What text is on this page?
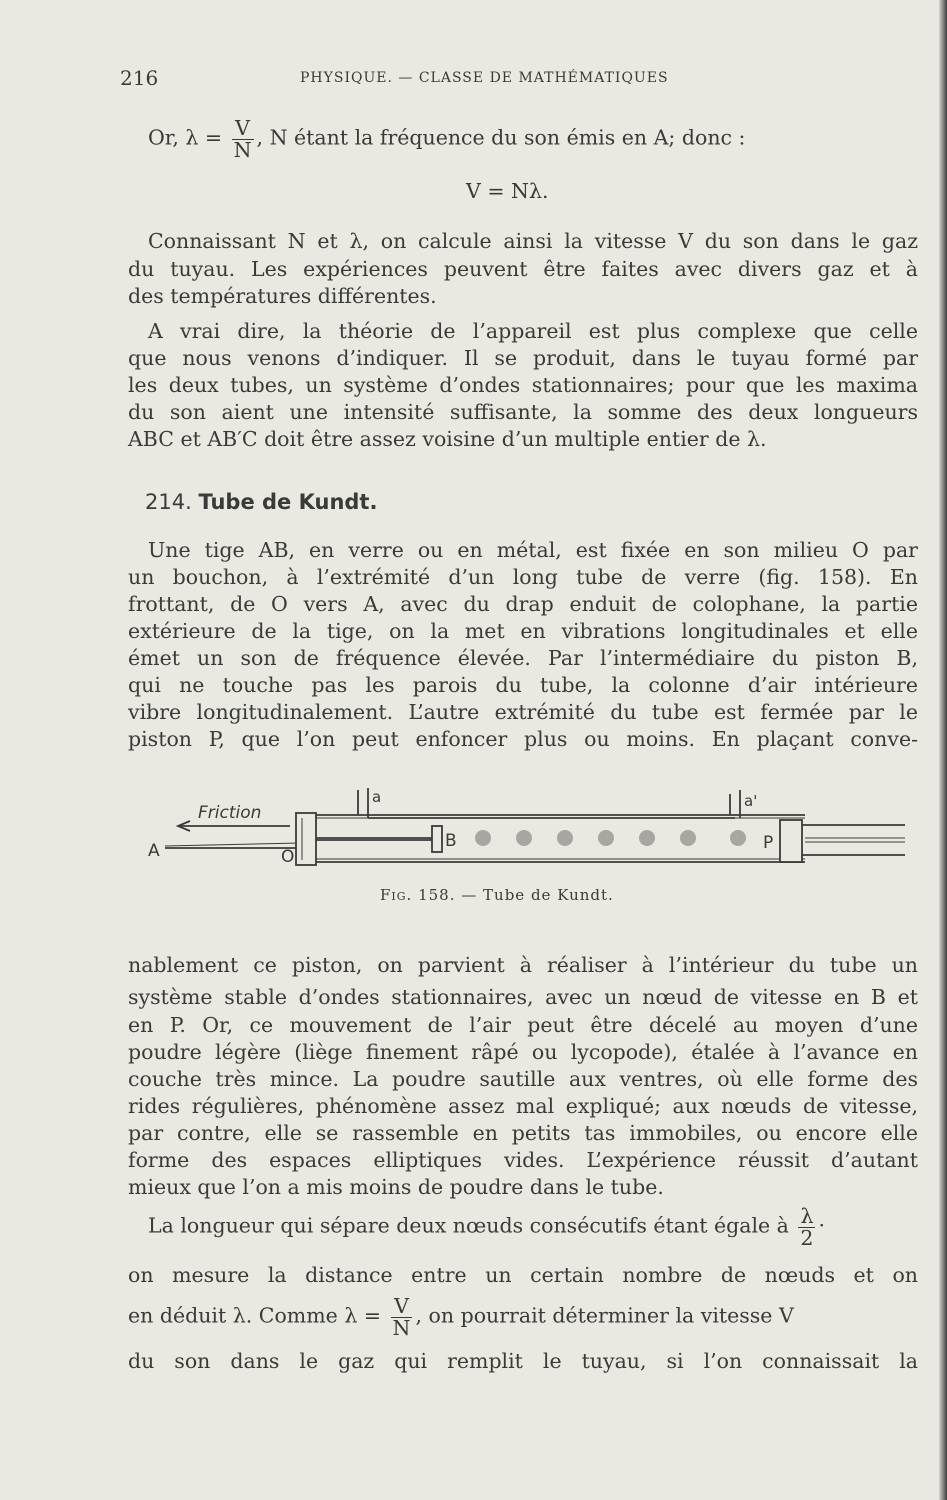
216	PHYSIQUE. — CLASSE DE MATHÉMATIQUES
Or, $\lambda = \frac{V}{N}$ , N étant la fréquence du son émis en A; donc :
V = Nλ.
Connaissant N et λ, on calcule ainsi la vitesse V du son dans le gaz
du tuyau. Les expériences peuvent être faites avec divers gaz et à
des températures différentes.
A vrai dire, la théorie de l’appareil est plus complexe que celle
que nous venons d’indiquer. Il se produit, dans le tuyau formé par
les deux tubes, un système d’ondes stationnaires; pour que les maxima
du son aient une intensité suffisante, la somme des deux longueurs
ABC et AB′C doit être assez voisine d’un multiple entier de λ.
214. Tube de Kundt.
Une tige AB, en verre ou en métal, est fixée en son milieu O par
un bouchon, à l’extrémité d’un long tube de verre (fig. 158). En
frottant, de O vers A, avec du drap enduit de colophane, la partie
extérieure de la tige, on la met en vibrations longitudinales et elle
émet un son de fréquence élevée. Par l’intermédiaire du piston B,
qui ne touche pas les parois du tube, la colonne d’air intérieure
vibre longitudinalement. L’autre extrémité du tube est fermée par le
piston P, que l’on peut enfoncer plus ou moins. En plaçant conve-
Friction
A	O
B	P
a	a'
Fig. 158. — Tube de Kundt.
nablement ce piston, on parvient à réaliser à l’intérieur du tube un
système stable d’ondes stationnaires, avec un nœud de vitesse en B et
en P. Or, ce mouvement de l’air peut être décelé au moyen d’une
poudre légère (liège finement râpé ou lycopode), étalée à l’avance en
couche très mince. La poudre sautille aux ventres, où elle forme des
rides régulières, phénomène assez mal expliqué; aux nœuds de vitesse,
par contre, elle se rassemble en petits tas immobiles, ou encore elle
forme des espaces elliptiques vides. L’expérience réussit d’autant
mieux que l’on a mis moins de poudre dans le tube.
La longueur qui sépare deux nœuds consécutifs étant égale à $\frac{\lambda}{2}$ ·
on mesure la distance entre un certain nombre de nœuds et on
en déduit λ. Comme $\lambda = \frac{V}{N}$ , on pourrait déterminer la vitesse V
du son dans le gaz qui remplit le tuyau, si l’on connaissait la
